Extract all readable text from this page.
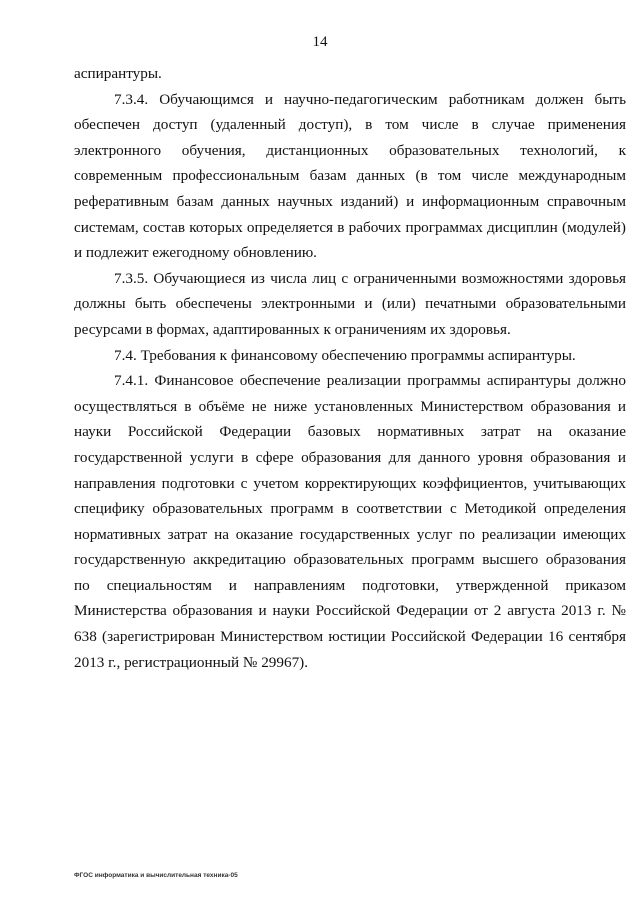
14

аспирантуры.

7.3.4. Обучающимся и научно-педагогическим работникам должен быть обеспечен доступ (удаленный доступ), в том числе в случае применения электронного обучения, дистанционных образовательных технологий, к современным профессиональным базам данных (в том числе международным реферативным базам данных научных изданий) и информационным справочным системам, состав которых определяется в рабочих программах дисциплин (модулей) и подлежит ежегодному обновлению.

7.3.5. Обучающиеся из числа лиц с ограниченными возможностями здоровья должны быть обеспечены электронными и (или) печатными образовательными ресурсами в формах, адаптированных к ограничениям их здоровья.

7.4. Требования к финансовому обеспечению программы аспирантуры.

7.4.1. Финансовое обеспечение реализации программы аспирантуры должно осуществляться в объёме не ниже установленных Министерством образования и науки Российской Федерации базовых нормативных затрат на оказание государственной услуги в сфере образования для данного уровня образования и направления подготовки с учетом корректирующих коэффициентов, учитывающих специфику образовательных программ в соответствии с Методикой определения нормативных затрат на оказание государственных услуг по реализации имеющих государственную аккредитацию образовательных программ высшего образования по специальностям и направлениям подготовки, утвержденной приказом Министерства образования и науки Российской Федерации от 2 августа 2013 г. № 638 (зарегистрирован Министерством юстиции Российской Федерации 16 сентября 2013 г., регистрационный № 29967).

ФГОС информатика и вычислительная техника-05
